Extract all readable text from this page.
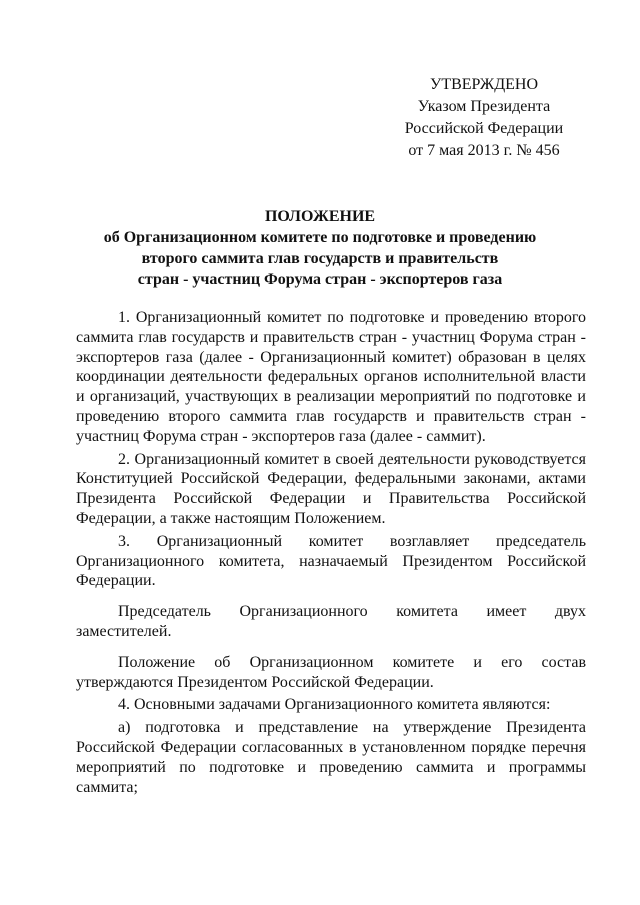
УТВЕРЖДЕНО
Указом Президента
Российской Федерации
от 7 мая 2013 г. № 456
ПОЛОЖЕНИЕ
об Организационном комитете по подготовке и проведению
второго саммита глав государств и правительств
стран - участниц Форума стран - экспортеров газа

1. Организационный комитет по подготовке и проведению второго саммита глав государств и правительств стран - участниц Форума стран - экспортеров газа (далее - Организационный комитет) образован в целях координации деятельности федеральных органов исполнительной власти и организаций, участвующих в реализации мероприятий по подготовке и проведению второго саммита глав государств и правительств стран - участниц Форума стран - экспортеров газа (далее - саммит).

2. Организационный комитет в своей деятельности руководствуется Конституцией Российской Федерации, федеральными законами, актами Президента Российской Федерации и Правительства Российской Федерации, а также настоящим Положением.

3. Организационный комитет возглавляет председатель Организационного комитета, назначаемый Президентом Российской Федерации.

Председатель Организационного комитета имеет двух заместителей.

Положение об Организационном комитете и его состав утверждаются Президентом Российской Федерации.

4. Основными задачами Организационного комитета являются:

а) подготовка и представление на утверждение Президента Российской Федерации согласованных в установленном порядке перечня мероприятий по подготовке и проведению саммита и программы саммита;
